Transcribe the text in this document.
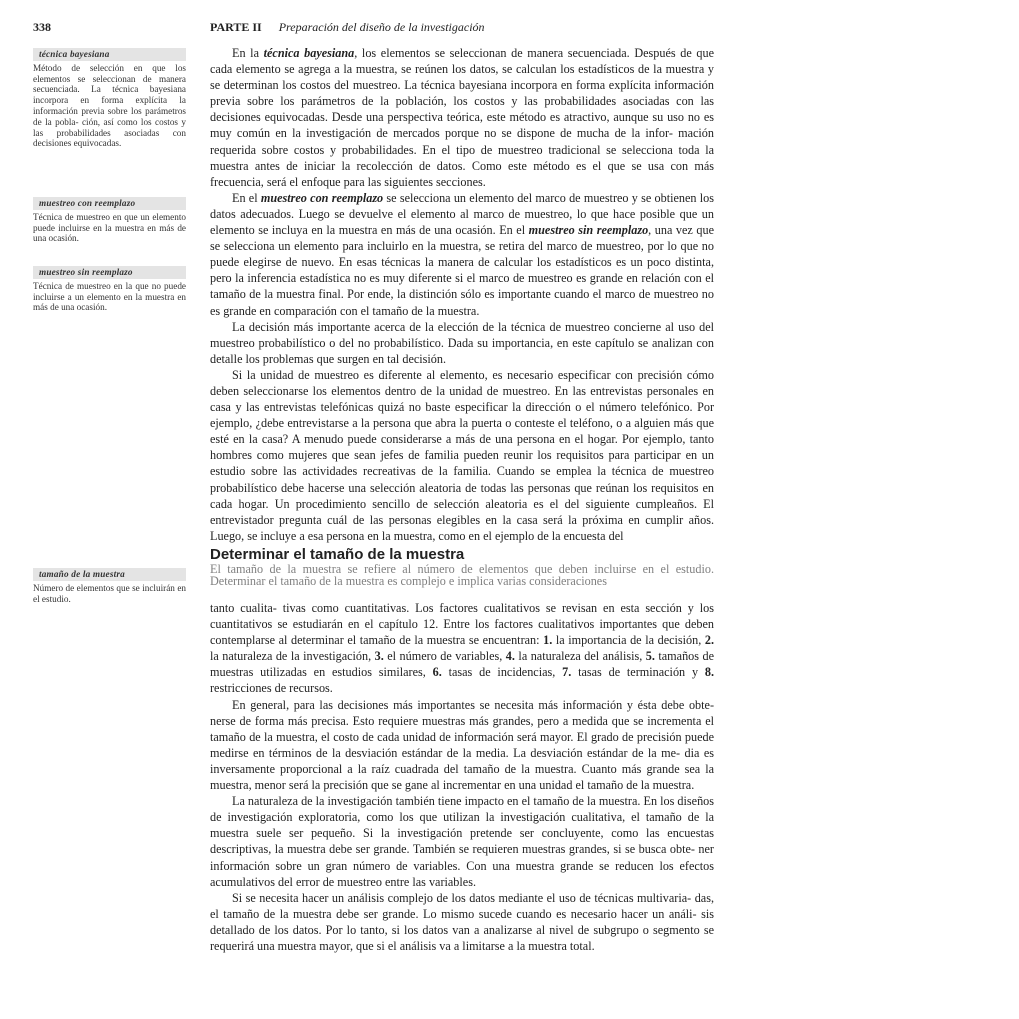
338	PARTE II Preparación del diseño de la investigación
técnica bayesiana
Método de selección en que los elementos se seleccionan de manera secuenciada. La técnica bayesiana incorpora en forma explícita la información previa sobre los parámetros de la pobla- ción, así como los costos y las probabilidades asociadas con decisiones equivocadas.
muestreo con reemplazo
Técnica de muestreo en que un elemento puede incluirse en la muestra en más de una ocasión.
muestreo sin reemplazo
Técnica de muestreo en la que no puede incluirse a un elemento en la muestra en más de una ocasión.
tamaño de la muestra
Número de elementos que se incluirán en el estudio.

En la técnica bayesiana, los elementos se seleccionan de manera secuenciada. Después de que cada elemento se agrega a la muestra, se reúnen los datos, se calculan los estadísticos de la muestra y se determinan los costos del muestreo. La técnica bayesiana incorpora en forma explícita información previa sobre los parámetros de la población, los costos y las probabilidades asociadas con las decisiones equivocadas. Desde una perspectiva teórica, este método es atractivo, aunque su uso no es muy común en la investigación de mercados porque no se dispone de mucha de la infor- mación requerida sobre costos y probabilidades. En el tipo de muestreo tradicional se selecciona toda la muestra antes de iniciar la recolección de datos. Como este método es el que se usa con más frecuencia, será el enfoque para las siguientes secciones.

En el muestreo con reemplazo se selecciona un elemento del marco de muestreo y se obtienen los datos adecuados. Luego se devuelve el elemento al marco de muestreo, lo que hace posible que un elemento se incluya en la muestra en más de una ocasión. En el muestreo sin reemplazo, una vez que se selecciona un elemento para incluirlo en la muestra, se retira del marco de muestreo, por lo que no puede elegirse de nuevo. En esas técnicas la manera de calcular los estadísticos es un poco distinta, pero la inferencia estadística no es muy diferente si el marco de muestreo es grande en relación con el tamaño de la muestra final. Por ende, la distinción sólo es importante cuando el marco de muestreo no es grande en comparación con el tamaño de la muestra.

La decisión más importante acerca de la elección de la técnica de muestreo concierne al uso del muestreo probabilístico o del no probabilístico. Dada su importancia, en este capítulo se analizan con detalle los problemas que surgen en tal decisión.

Si la unidad de muestreo es diferente al elemento, es necesario especificar con precisión cómo deben seleccionarse los elementos dentro de la unidad de muestreo. En las entrevistas personales en casa y las entrevistas telefónicas quizá no baste especificar la dirección o el número telefónico. Por ejemplo, ¿debe entrevistarse a la persona que abra la puerta o conteste el teléfono, o a alguien más que esté en la casa? A menudo puede considerarse a más de una persona en el hogar. Por ejemplo, tanto hombres como mujeres que sean jefes de familia pueden reunir los requisitos para participar en un estudio sobre las actividades recreativas de la familia. Cuando se emplea la técnica de muestreo probabilístico debe hacerse una selección aleatoria de todas las personas que reúnan los requisitos en cada hogar. Un procedimiento sencillo de selección aleatoria es el del siguiente cumpleaños. El entrevistador pregunta cuál de las personas elegibles en la casa será la próxima en cumplir años. Luego, se incluye a esa persona en la muestra, como en el ejemplo de la encuesta del

Determinar el tamaño de la muestra

El tamaño de la muestra se refiere al número de elementos que deben incluirse en el estudio. Determinar el tamaño de la muestra es complejo e implica varias consideraciones

tanto cualita- tivas como cuantitativas. Los factores cualitativos se revisan en esta sección y los cuantitativos se estudiarán en el capítulo 12. Entre los factores cualitativos importantes que deben contemplarse al determinar el tamaño de la muestra se encuentran: 1. la importancia de la decisión, 2. la naturaleza de la investigación, 3. el número de variables, 4. la naturaleza del análisis, 5. tamaños de muestras utilizadas en estudios similares, 6. tasas de incidencias, 7. tasas de terminación y 8. restricciones de recursos.

En general, para las decisiones más importantes se necesita más información y ésta debe obte- nerse de forma más precisa. Esto requiere muestras más grandes, pero a medida que se incrementa el tamaño de la muestra, el costo de cada unidad de información será mayor. El grado de precisión puede medirse en términos de la desviación estándar de la media. La desviación estándar de la me- dia es inversamente proporcional a la raíz cuadrada del tamaño de la muestra. Cuanto más grande sea la muestra, menor será la precisión que se gane al incrementar en una unidad el tamaño de la muestra.

La naturaleza de la investigación también tiene impacto en el tamaño de la muestra. En los diseños de investigación exploratoria, como los que utilizan la investigación cualitativa, el tamaño de la muestra suele ser pequeño. Si la investigación pretende ser concluyente, como las encuestas descriptivas, la muestra debe ser grande. También se requieren muestras grandes, si se busca obte- ner información sobre un gran número de variables. Con una muestra grande se reducen los efectos acumulativos del error de muestreo entre las variables.

Si se necesita hacer un análisis complejo de los datos mediante el uso de técnicas multivaria- das, el tamaño de la muestra debe ser grande. Lo mismo sucede cuando es necesario hacer un análi- sis detallado de los datos. Por lo tanto, si los datos van a analizarse al nivel de subgrupo o segmento se requerirá una muestra mayor, que si el análisis va a limitarse a la muestra total.
